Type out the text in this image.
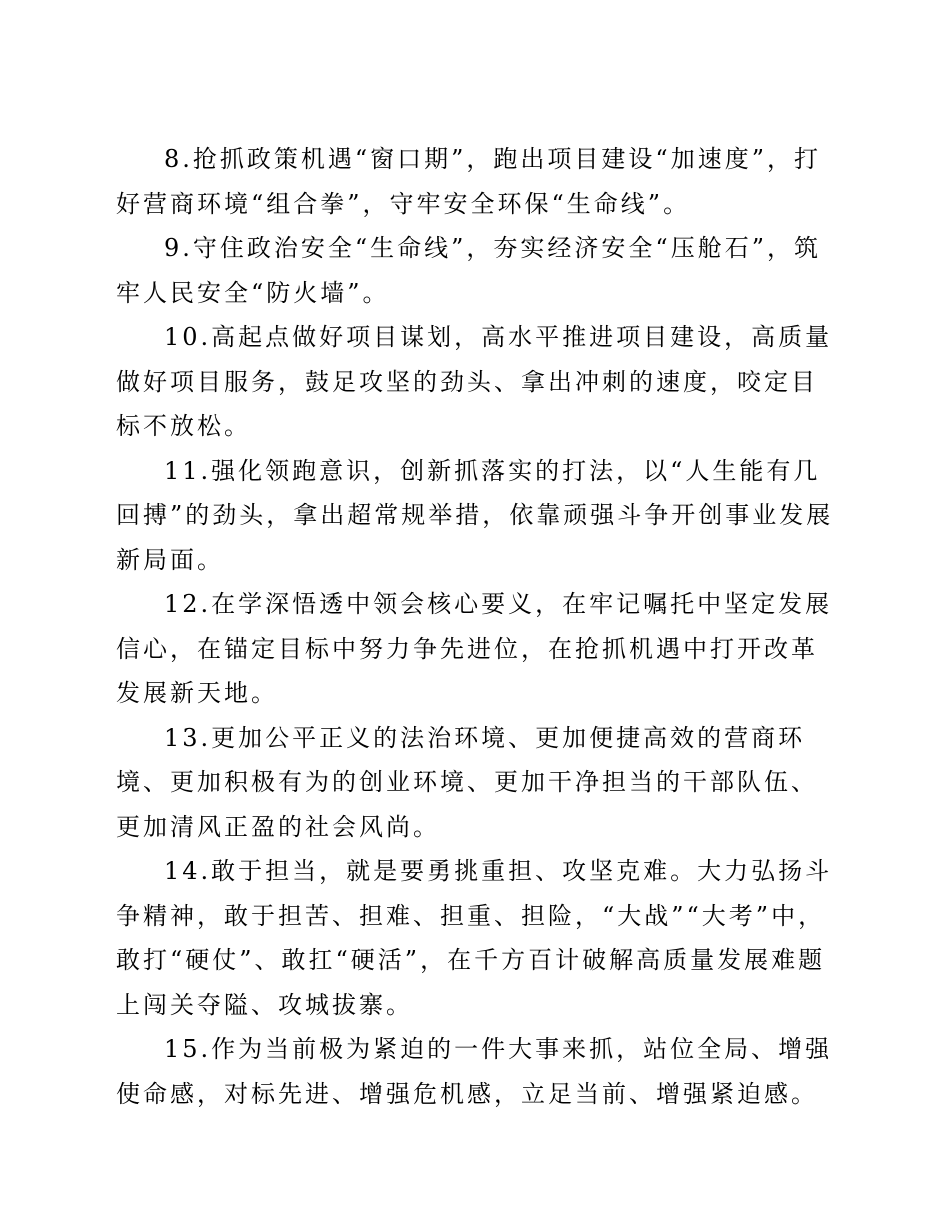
8.抢抓政策机遇“窗口期”，跑出项目建设“加速度”，打好营商环境“组合拳”，守牢安全环保“生命线”。

9.守住政治安全“生命线”，夯实经济安全“压舱石”，筑牢人民安全“防火墙”。

10.高起点做好项目谋划，高水平推进项目建设，高质量做好项目服务，鼓足攻坚的劲头、拿出冲刺的速度，咬定目标不放松。

11.强化领跑意识，创新抓落实的打法，以“人生能有几回搏”的劲头，拿出超常规举措，依靠顽强斗争开创事业发展新局面。

12.在学深悟透中领会核心要义，在牢记嘱托中坚定发展信心，在锚定目标中努力争先进位，在抢抓机遇中打开改革发展新天地。

13.更加公平正义的法治环境、更加便捷高效的营商环境、更加积极有为的创业环境、更加干净担当的干部队伍、更加清风正盈的社会风尚。

14.敢于担当，就是要勇挑重担、攻坚克难。大力弘扬斗争精神，敢于担苦、担难、担重、担险，“大战”“大考”中，敢打“硬仗”、敢扛“硬活”，在千方百计破解高质量发展难题上闯关夺隘、攻城拔寨。

15.作为当前极为紧迫的一件大事来抓，站位全局、增强使命感，对标先进、增强危机感，立足当前、增强紧迫感。
